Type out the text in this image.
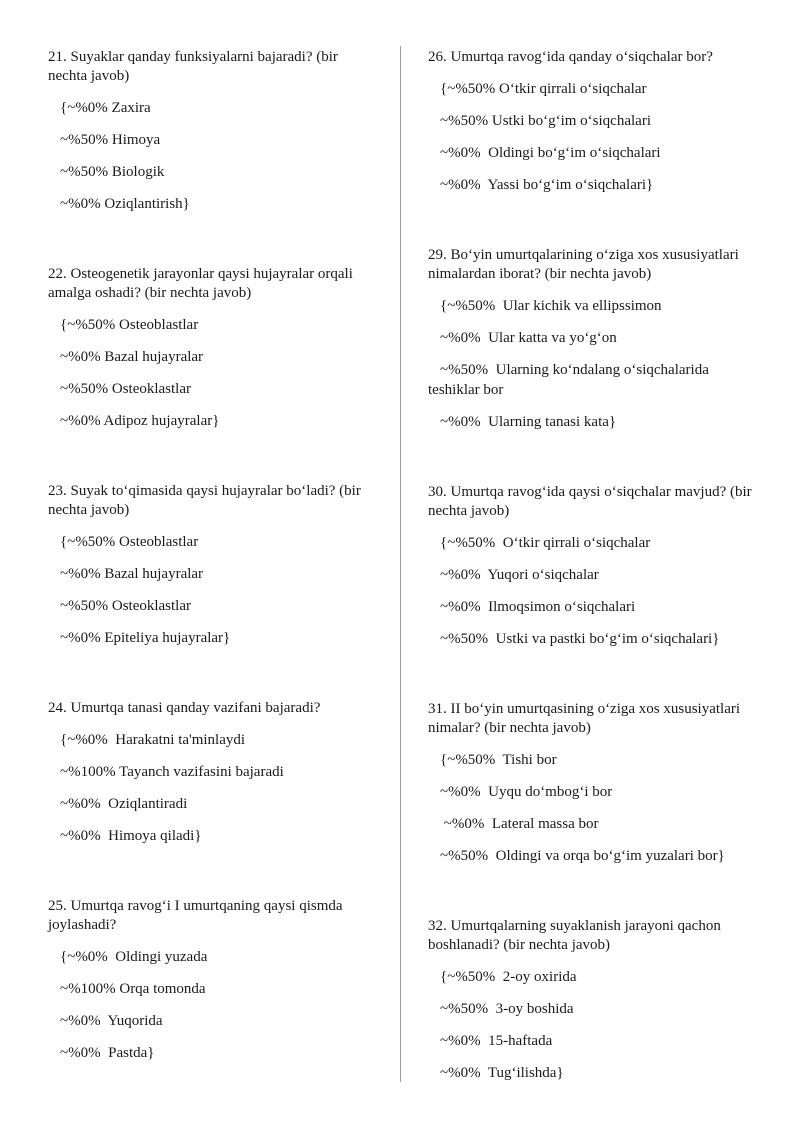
21. Suyaklar qanday funksiyalarni bajaradi? (bir nechta javob)

{~%0% Zaxira

~%50% Himoya

~%50% Biologik

~%0% Oziqlantirish}

22. Osteogenetik jarayonlar qaysi hujayralar orqali amalga oshadi? (bir nechta javob)

{~%50% Osteoblastlar

~%0% Bazal hujayralar

~%50% Osteoklastlar

~%0% Adipoz hujayralar}

23. Suyak to‘qimasida qaysi hujayralar bo‘ladi? (bir nechta javob)

{~%50% Osteoblastlar

~%0% Bazal hujayralar

~%50% Osteoklastlar

~%0% Epiteliya hujayralar}

24. Umurtqa tanasi qanday vazifani bajaradi?

{~%0%  Harakatni ta'minlaydi

~%100% Tayanch vazifasini bajaradi

~%0%  Oziqlantiradi

~%0%  Himoya qiladi}

25. Umurtqa ravog‘i I umurtqaning qaysi qismda joylashadi?

{~%0%  Oldingi yuzada

~%100% Orqa tomonda

~%0%  Yuqorida

~%0%  Pastda}

26. Umurtqa ravog‘ida qanday o‘siqchalar bor?

{~%50% O‘tkir qirrali o‘siqchalar

~%50% Ustki bo‘g‘im o‘siqchalari

~%0%  Oldingi bo‘g‘im o‘siqchalari

~%0%  Yassi bo‘g‘im o‘siqchalari}

29. Bo‘yin umurtqalarining o‘ziga xos xususiyatlari nimalardan iborat? (bir nechta javob)

{~%50%  Ular kichik va ellipssimon

~%0%  Ular katta va yo‘g‘on

~%50%  Ularning ko‘ndalang o‘siqchalarida teshiklar bor

~%0%  Ularning tanasi kata}

30. Umurtqa ravog‘ida qaysi o‘siqchalar mavjud? (bir nechta javob)

{~%50%  O‘tkir qirrali o‘siqchalar

~%0%  Yuqori o‘siqchalar

~%0%  Ilmoqsimon o‘siqchalari

~%50%  Ustki va pastki bo‘g‘im o‘siqchalari}

31. II bo‘yin umurtqasining o‘ziga xos xususiyatlari nimalar? (bir nechta javob)

{~%50%  Tishi bor

~%0%  Uyqu do‘mbog‘i bor

~%0%  Lateral massa bor

~%50%  Oldingi va orqa bo‘g‘im yuzalari bor}

32. Umurtqalarning suyaklanish jarayoni qachon boshlanadi? (bir nechta javob)

{~%50%  2-oy oxirida

~%50%  3-oy boshida

~%0%  15-haftada

~%0%  Tug‘ilishda}
